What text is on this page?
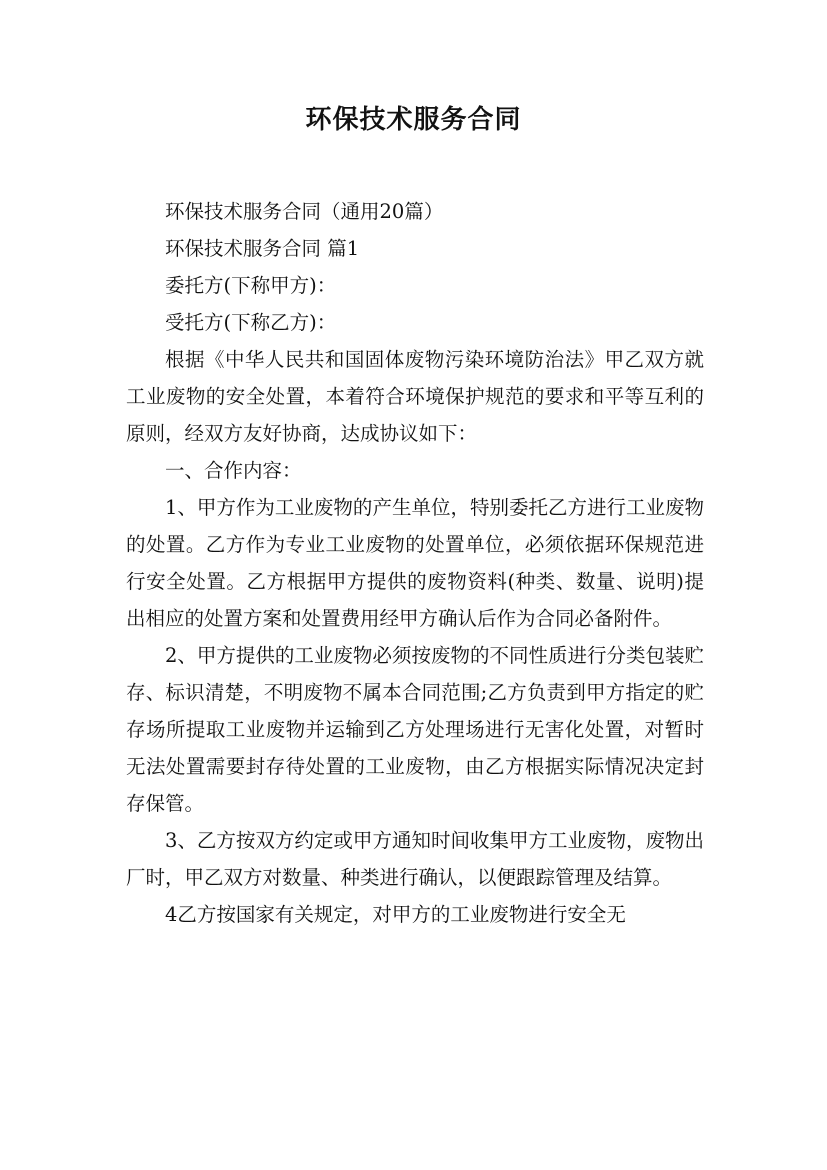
环保技术服务合同

环保技术服务合同（通用20篇）

环保技术服务合同 篇1

委托方(下称甲方)：

受托方(下称乙方)：

根据《中华人民共和国固体废物污染环境防治法》甲乙双方就工业废物的安全处置，本着符合环境保护规范的要求和平等互利的原则，经双方友好协商，达成协议如下：

一、合作内容：

1、甲方作为工业废物的产生单位，特别委托乙方进行工业废物的处置。乙方作为专业工业废物的处置单位，必须依据环保规范进行安全处置。乙方根据甲方提供的废物资料(种类、数量、说明)提出相应的处置方案和处置费用经甲方确认后作为合同必备附件。

2、甲方提供的工业废物必须按废物的不同性质进行分类包装贮存、标识清楚，不明废物不属本合同范围;乙方负责到甲方指定的贮存场所提取工业废物并运输到乙方处理场进行无害化处置，对暂时无法处置需要封存待处置的工业废物，由乙方根据实际情况决定封存保管。

3、乙方按双方约定或甲方通知时间收集甲方工业废物，废物出厂时，甲乙双方对数量、种类进行确认，以便跟踪管理及结算。

4乙方按国家有关规定，对甲方的工业废物进行安全无
